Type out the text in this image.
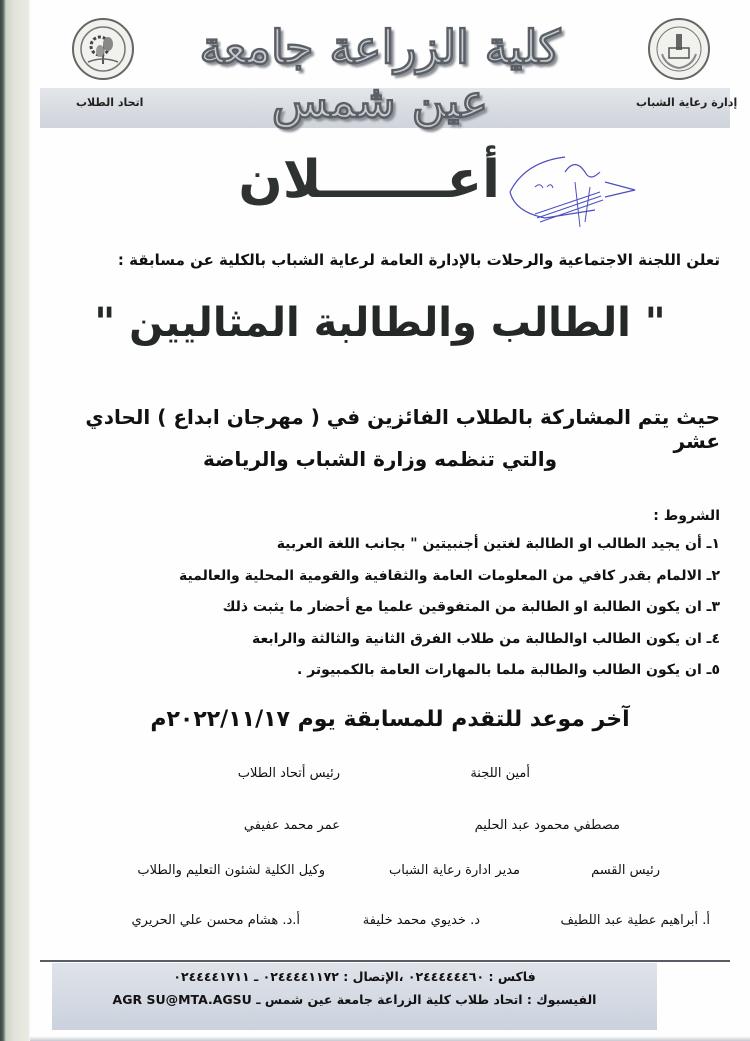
اتحاد الطلاب
كلية الزراعة جامعة عين شمس	إدارة رعاية الشباب
أعـــــــلان
تعلن اللجنة الاجتماعية والرحلات بالإدارة العامة لرعاية الشباب بالكلية عن مسابقة :
" الطالب والطالبة المثاليين "
حيث يتم المشاركة بالطلاب الفائزين في ( مهرجان ابداع ) الحادي عشر
والتي تنظمه وزارة الشباب والرياضة
الشروط :
١ـ أن يجيد الطالب او الطالبة لغتين أجنبيتين " بجانب اللغة العربية
٢ـ الالمام بقدر كافي من المعلومات العامة والثقافية والقومية المحلية والعالمية
٣ـ ان يكون الطالبة او الطالبة من المتفوقين علميا مع أحضار ما يثبت ذلك
٤ـ ان يكون الطالب اوالطالبة من طلاب الفرق الثانية والثالثة والرابعة
٥ـ ان يكون الطالب والطالبة ملما بالمهارات العامة بالكمبيوتر .
آخر موعد للتقدم للمسابقة يوم ٢٠٢٢/١١/١٧م
أمين اللجنة
رئيس أتحاد الطلاب
مصطفي محمود عبد الحليم
عمر محمد عفيفي
رئيس القسم
مدير ادارة رعاية الشباب
وكيل الكلية لشئون التعليم والطلاب
أ. أبراهيم عطية عبد اللطيف
د. خديوي محمد خليفة
أ.د. هشام محسن علي الحريري
فاكس : ٠٢٤٤٤٤٤٤٦٠ ،الإتصال : ٠٢٤٤٤٤١١٧٢ ـ ٠٢٤٤٤٤١٧١١
الفيسبوك : اتحاد طلاب كلية الزراعة جامعة عين شمس ـ AGR SU@MTA.AGSU
